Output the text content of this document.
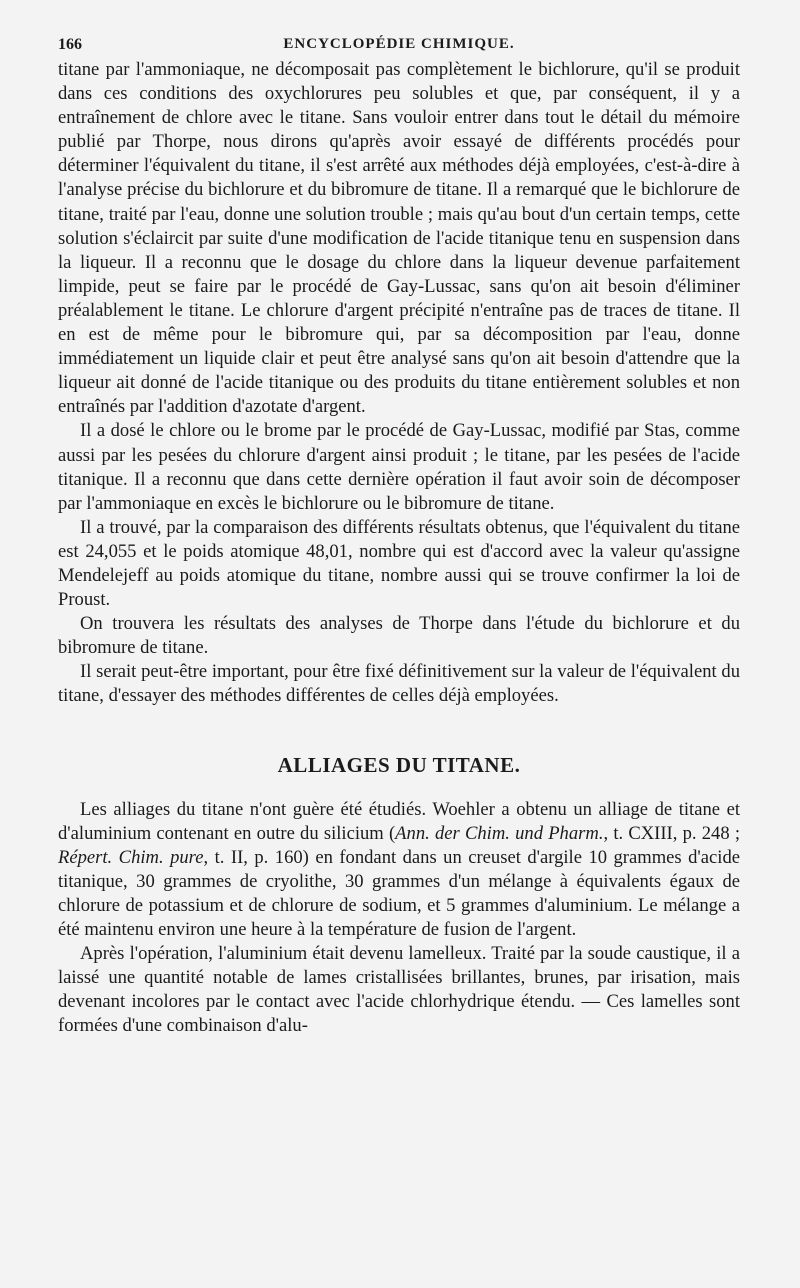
166	ENCYCLOPÉDIE CHIMIQUE.

titane par l'ammoniaque, ne décomposait pas complètement le bichlorure, qu'il se produit dans ces conditions des oxychlorures peu solubles et que, par conséquent, il y a entraînement de chlore avec le titane. Sans vouloir entrer dans tout le détail du mémoire publié par Thorpe, nous dirons qu'après avoir essayé de différents procédés pour déterminer l'équivalent du titane, il s'est arrêté aux méthodes déjà employées, c'est-à-dire à l'analyse précise du bichlorure et du bibromure de titane. Il a remarqué que le bichlorure de titane, traité par l'eau, donne une solution trouble ; mais qu'au bout d'un certain temps, cette solution s'éclaircit par suite d'une modification de l'acide titanique tenu en suspension dans la liqueur. Il a reconnu que le dosage du chlore dans la liqueur devenue parfaitement limpide, peut se faire par le procédé de Gay-Lussac, sans qu'on ait besoin d'éliminer préalablement le titane. Le chlorure d'argent précipité n'entraîne pas de traces de titane. Il en est de même pour le bibromure qui, par sa décomposition par l'eau, donne immédiatement un liquide clair et peut être analysé sans qu'on ait besoin d'attendre que la liqueur ait donné de l'acide titanique ou des produits du titane entièrement solubles et non entraînés par l'addition d'azotate d'argent.

Il a dosé le chlore ou le brome par le procédé de Gay-Lussac, modifié par Stas, comme aussi par les pesées du chlorure d'argent ainsi produit ; le titane, par les pesées de l'acide titanique. Il a reconnu que dans cette dernière opération il faut avoir soin de décomposer par l'ammoniaque en excès le bichlorure ou le bibromure de titane.

Il a trouvé, par la comparaison des différents résultats obtenus, que l'équivalent du titane est 24,055 et le poids atomique 48,01, nombre qui est d'accord avec la valeur qu'assigne Mendelejeff au poids atomique du titane, nombre aussi qui se trouve confirmer la loi de Proust.

On trouvera les résultats des analyses de Thorpe dans l'étude du bichlorure et du bibromure de titane.

Il serait peut-être important, pour être fixé définitivement sur la valeur de l'équivalent du titane, d'essayer des méthodes différentes de celles déjà employées.

ALLIAGES DU TITANE.

Les alliages du titane n'ont guère été étudiés. Woehler a obtenu un alliage de titane et d'aluminium contenant en outre du silicium (Ann. der Chim. und Pharm., t. CXIII, p. 248 ; Répert. Chim. pure, t. II, p. 160) en fondant dans un creuset d'argile 10 grammes d'acide titanique, 30 grammes de cryolithe, 30 grammes d'un mélange à équivalents égaux de chlorure de potassium et de chlorure de sodium, et 5 grammes d'aluminium. Le mélange a été maintenu environ une heure à la température de fusion de l'argent.

Après l'opération, l'aluminium était devenu lamelleux. Traité par la soude caustique, il a laissé une quantité notable de lames cristallisées brillantes, brunes, par irisation, mais devenant incolores par le contact avec l'acide chlorhydrique étendu. — Ces lamelles sont formées d'une combinaison d'alu-
